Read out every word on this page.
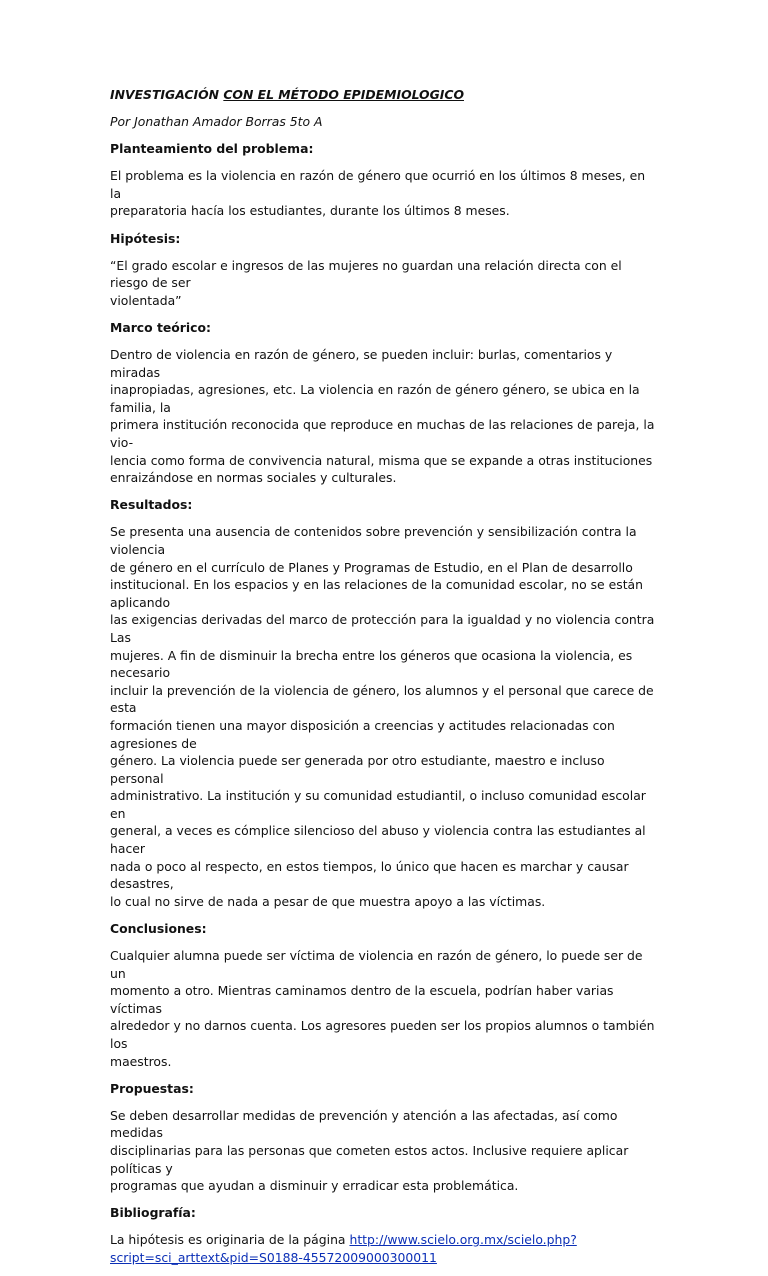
INVESTIGACIÓN CON EL MÉTODO EPIDEMIOLOGICO

Por Jonathan Amador Borras 5to A

Planteamiento del problema:

El problema es la violencia en razón de género que ocurrió en los últimos 8 meses, en la
preparatoria hacía los estudiantes, durante los últimos 8 meses.

Hipótesis:

“El grado escolar e ingresos de las mujeres no guardan una relación directa con el riesgo de ser
violentada”

Marco teórico:

Dentro de violencia en razón de género, se pueden incluir: burlas, comentarios y miradas
inapropiadas, agresiones, etc. La violencia en razón de género género, se ubica en la familia, la
primera institución reconocida que reproduce en muchas de las relaciones de pareja, la vio-
lencia como forma de convivencia natural, misma que se expande a otras instituciones
enraizándose en normas sociales y culturales.

Resultados:

Se presenta una ausencia de contenidos sobre prevención y sensibilización contra la violencia
de género en el currículo de Planes y Programas de Estudio, en el Plan de desarrollo
institucional. En los espacios y en las relaciones de la comunidad escolar, no se están aplicando
las exigencias derivadas del marco de protección para la igualdad y no violencia contra Las
mujeres. A fin de disminuir la brecha entre los géneros que ocasiona la violencia, es necesario
incluir la prevención de la violencia de género, los alumnos y el personal que carece de esta
formación tienen una mayor disposición a creencias y actitudes relacionadas con agresiones de
género. La violencia puede ser generada por otro estudiante, maestro e incluso personal
administrativo. La institución y su comunidad estudiantil, o incluso comunidad escolar en
general, a veces es cómplice silencioso del abuso y violencia contra las estudiantes al hacer
nada o poco al respecto, en estos tiempos, lo único que hacen es marchar y causar desastres,
lo cual no sirve de nada a pesar de que muestra apoyo a las víctimas.

Conclusiones:

Cualquier alumna puede ser víctima de violencia en razón de género, lo puede ser de un
momento a otro. Mientras caminamos dentro de la escuela, podrían haber varias víctimas
alrededor y no darnos cuenta. Los agresores pueden ser los propios alumnos o también los
maestros.

Propuestas:

Se deben desarrollar medidas de prevención y atención a las afectadas, así como medidas
disciplinarias para las personas que cometen estos actos. Inclusive requiere aplicar políticas y
programas que ayudan a disminuir y erradicar esta problemática.

Bibliografía:

La hipótesis es originaria de la página http://www.scielo.org.mx/scielo.php?
script=sci_arttext&pid=S0188-45572009000300011
